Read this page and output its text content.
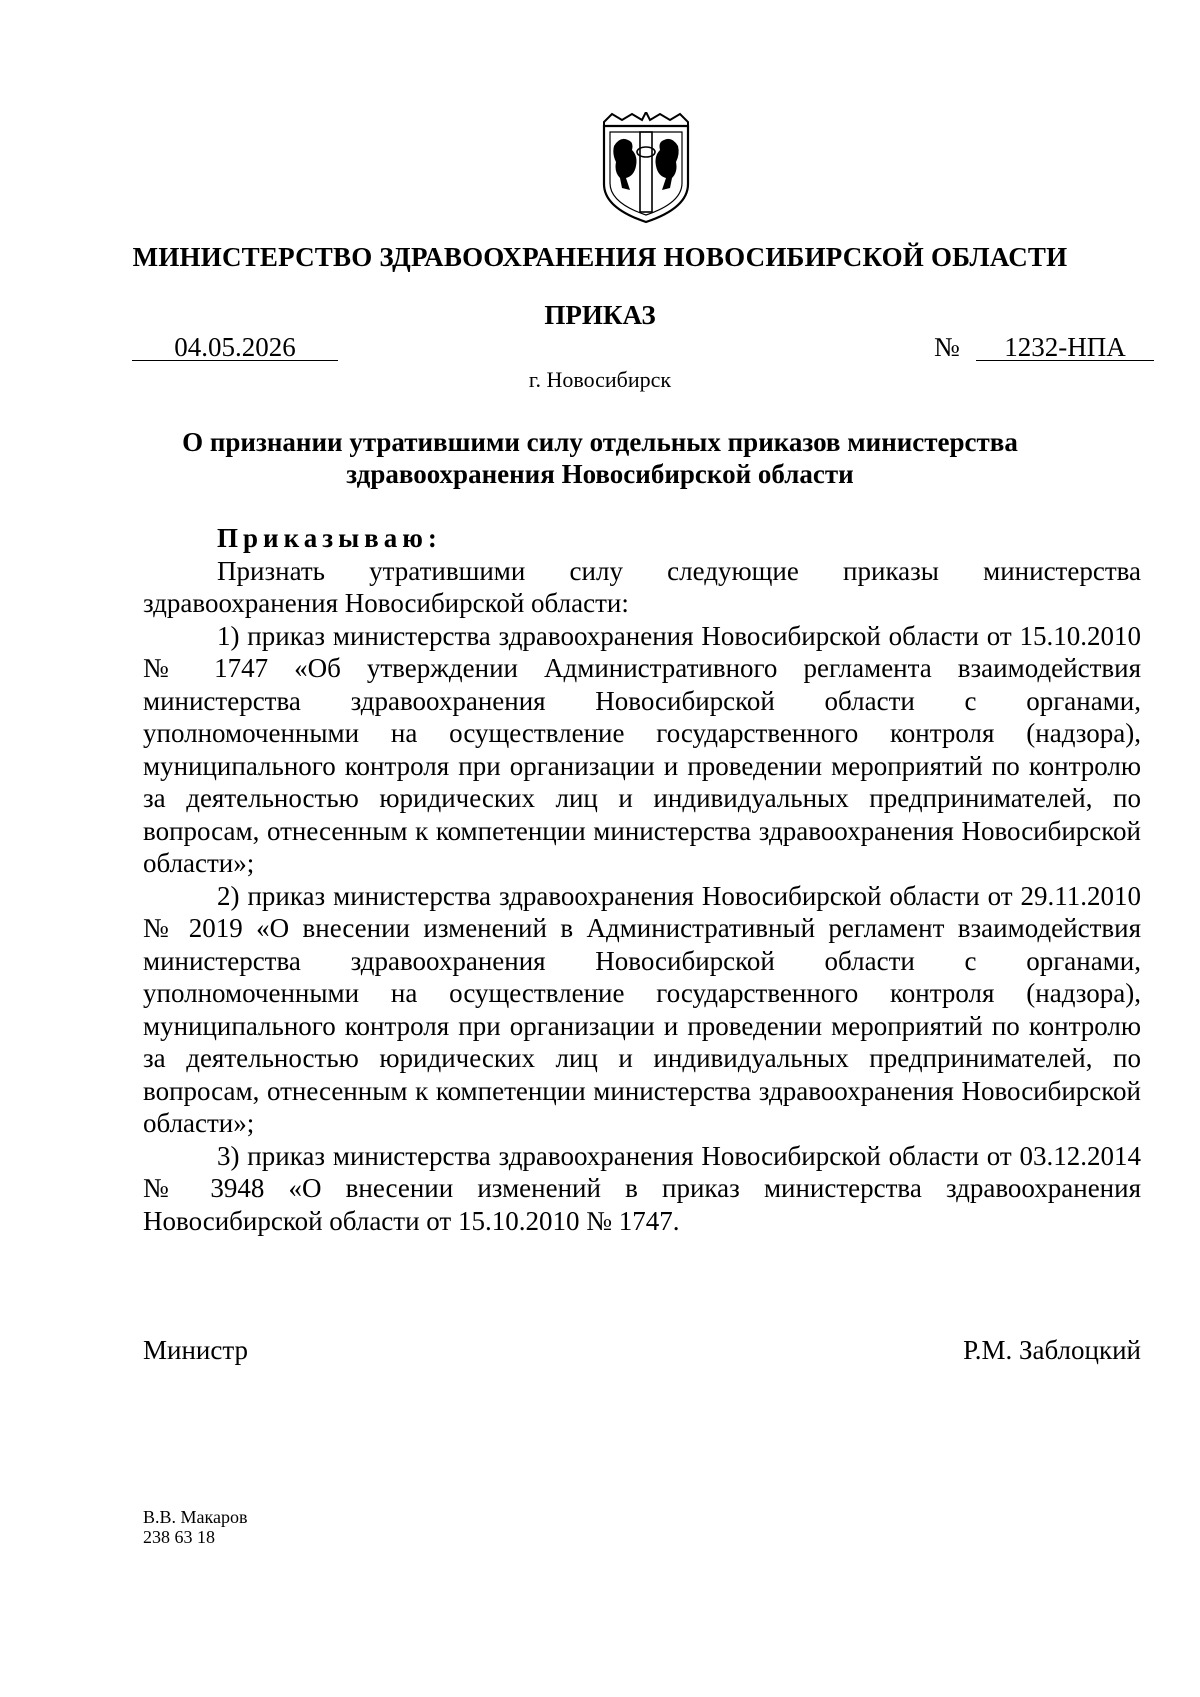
МИНИСТЕРСТВО ЗДРАВООХРАНЕНИЯ НОВОСИБИРСКОЙ ОБЛАСТИ
ПРИКАЗ
04.05.2026	№	1232-НПА
г. Новосибирск
О признании утратившими силу отдельных приказов министерства здравоохранения Новосибирской области

Приказываю:

Признать утратившими силу следующие приказы министерства здравоохранения Новосибирской области:

1) приказ министерства здравоохранения Новосибирской области от 15.10.2010 № 1747 «Об утверждении Административного регламента взаимодействия министерства здравоохранения Новосибирской области с органами, уполномоченными на осуществление государственного контроля (надзора), муниципального контроля при организации и проведении мероприятий по контролю за деятельностью юридических лиц и индивидуальных предпринимателей, по вопросам, отнесенным к компетенции министерства здравоохранения Новосибирской области»;

2) приказ министерства здравоохранения Новосибирской области от 29.11.2010 № 2019 «О внесении изменений в Административный регламент взаимодействия министерства здравоохранения Новосибирской области с органами, уполномоченными на осуществление государственного контроля (надзора), муниципального контроля при организации и проведении мероприятий по контролю за деятельностью юридических лиц и индивидуальных предпринимателей, по вопросам, отнесенным к компетенции министерства здравоохранения Новосибирской области»;

3) приказ министерства здравоохранения Новосибирской области от 03.12.2014 № 3948 «О внесении изменений в приказ министерства здравоохранения Новосибирской области от 15.10.2010 № 1747.

Министр	Р.М. Заблоцкий
В.В. Макаров
238 63 18
